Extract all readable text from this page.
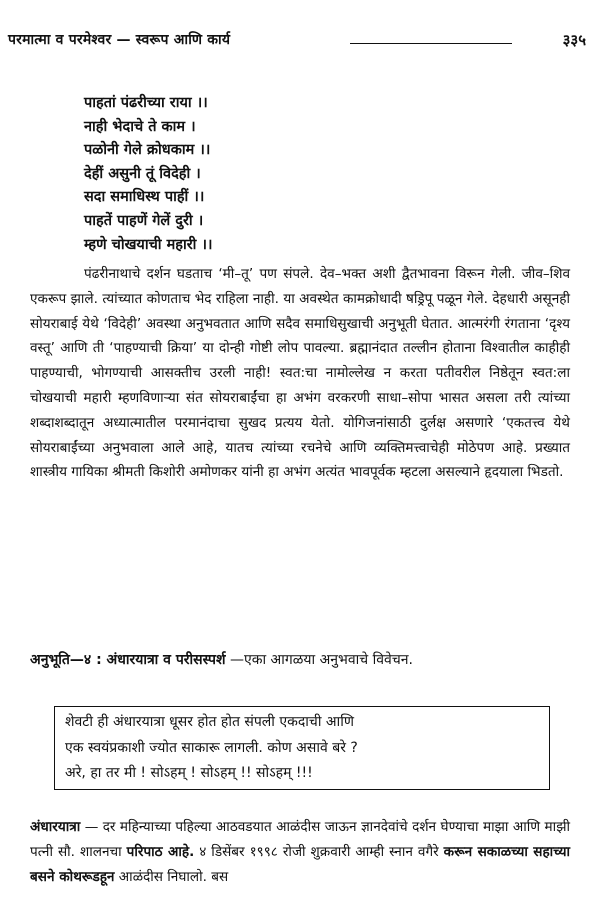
परमात्मा व परमेश्वर — स्वरूप आणि कार्य	३३५
पाहतां पंढरीच्या राया ।।
नाही भेदाचे ते काम ।
पळोनी गेले क्रोधकाम ।।
देहीं असुनी तूं विदेही ।
सदा समाधिस्थ पाहीं ।।
पाहतें पाहणें गेलें दुरी ।
म्हणे चोखयाची महारी ।।

पंढरीनाथाचे दर्शन घडताच ‘मी–तू’ पण संपले. देव–भक्त अशी द्वैतभावना विरून गेली. जीव–शिव एकरूप झाले. त्यांच्यात कोणताच भेद राहिला नाही. या अवस्थेत कामक्रोधादी षड्रिपू पळून गेले. देहधारी असूनही सोयराबाई येथे ‘विदेही’ अवस्था अनुभवतात आणि सदैव समाधिसुखाची अनुभूती घेतात. आत्मरंगी रंगताना ‘दृश्य वस्तू’ आणि ती ‘पाहण्याची क्रिया’ या दोन्ही गोष्टी लोप पावल्या. ब्रह्मानंदात तल्लीन होताना विश्वातील काहीही पाहण्याची, भोगण्याची आसक्तीच उरली नाही! स्वत:चा नामोल्लेख न करता पतीवरील निष्ठेतून स्वत:ला चोखयाची महारी म्हणविणाऱ्या संत सोयराबाईंचा हा अभंग वरकरणी साधा–सोपा भासत असला तरी त्यांच्या शब्दाशब्दातून अध्यात्मातील परमानंदाचा सुखद प्रत्यय येतो. योगिजनांसाठी दुर्लक्ष असणारे ‘एकतत्त्व येथे सोयराबाईंच्या अनुभवाला आले आहे, यातच त्यांच्या रचनेचे आणि व्यक्तिमत्त्वाचेही मोठेपण आहे. प्रख्यात शास्त्रीय गायिका श्रीमती किशोरी अमोणकर यांनी हा अभंग अत्यंत भावपूर्वक म्हटला असल्याने हृदयाला भिडतो.

अनुभूति—४ : अंधारयात्रा व परीसस्पर्श —एका आगळया अनुभवाचे विवेचन.

शेवटी ही अंधारयात्रा धूसर होत होत संपली एकदाची आणि

एक स्वयंप्रकाशी ज्योत साकारू लागली. कोण असावे बरे ?

अरे, हा तर मी ! सोऽहम् ! सोऽहम् !! सोऽहम् !!!

अंधारयात्रा — दर महिन्याच्या पहिल्या आठवडयात आळंदीस जाऊन ज्ञानदेवांचे दर्शन घेण्याचा माझा आणि माझी पत्नी सौ. शालनचा परिपाठ आहे. ४ डिसेंबर १९९८ रोजी शुक्रवारी आम्ही स्नान वगैरे करून सकाळच्या सहाच्या बसने कोथरूडहून आळंदीस निघालो. बस
